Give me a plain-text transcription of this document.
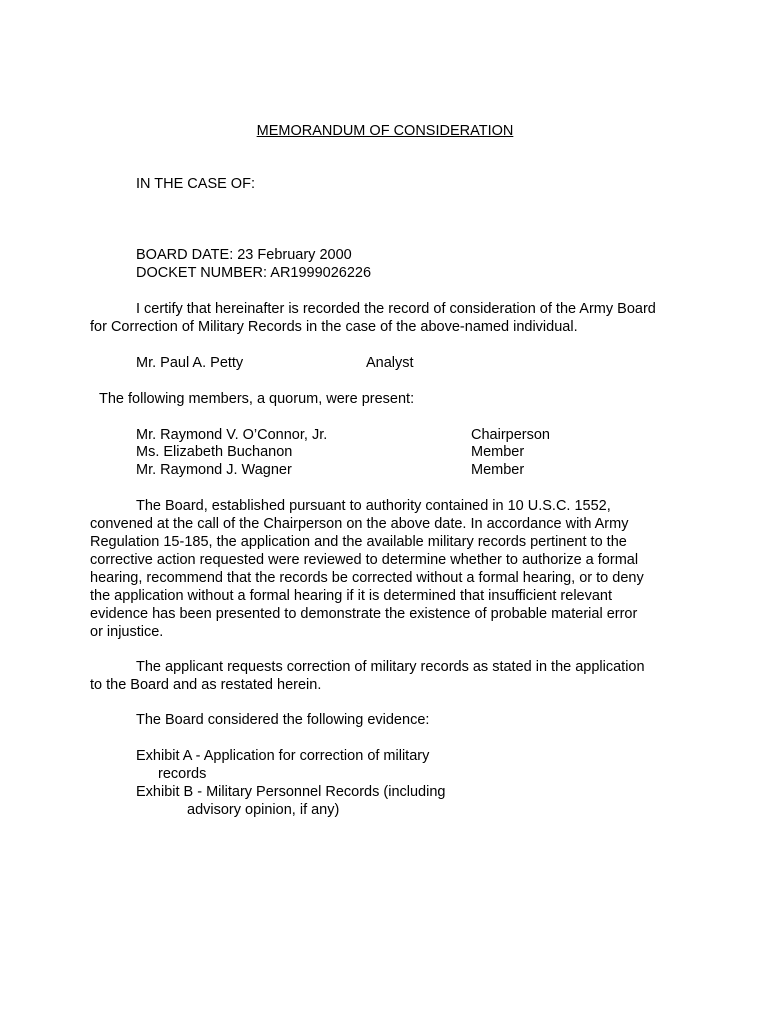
MEMORANDUM OF CONSIDERATION
IN THE CASE OF:
BOARD DATE: 23 February 2000
DOCKET NUMBER: AR1999026226
I certify that hereinafter is recorded the record of consideration of the Army Board
for Correction of Military Records in the case of the above-named individual.
Mr. Paul A. Petty	Analyst
The following members, a quorum, were present:
Mr. Raymond V. O’Connor, Jr.	Chairperson
Ms. Elizabeth Buchanon	Member
Mr. Raymond J. Wagner	Member
The Board, established pursuant to authority contained in 10 U.S.C. 1552,
convened at the call of the Chairperson on the above date. In accordance with Army
Regulation 15-185, the application and the available military records pertinent to the
corrective action requested were reviewed to determine whether to authorize a formal
hearing, recommend that the records be corrected without a formal hearing, or to deny
the application without a formal hearing if it is determined that insufficient relevant
evidence has been presented to demonstrate the existence of probable material error
or injustice.
The applicant requests correction of military records as stated in the application
to the Board and as restated herein.
The Board considered the following evidence:
Exhibit A - Application for correction of military
records
Exhibit B - Military Personnel Records (including
advisory opinion, if any)
